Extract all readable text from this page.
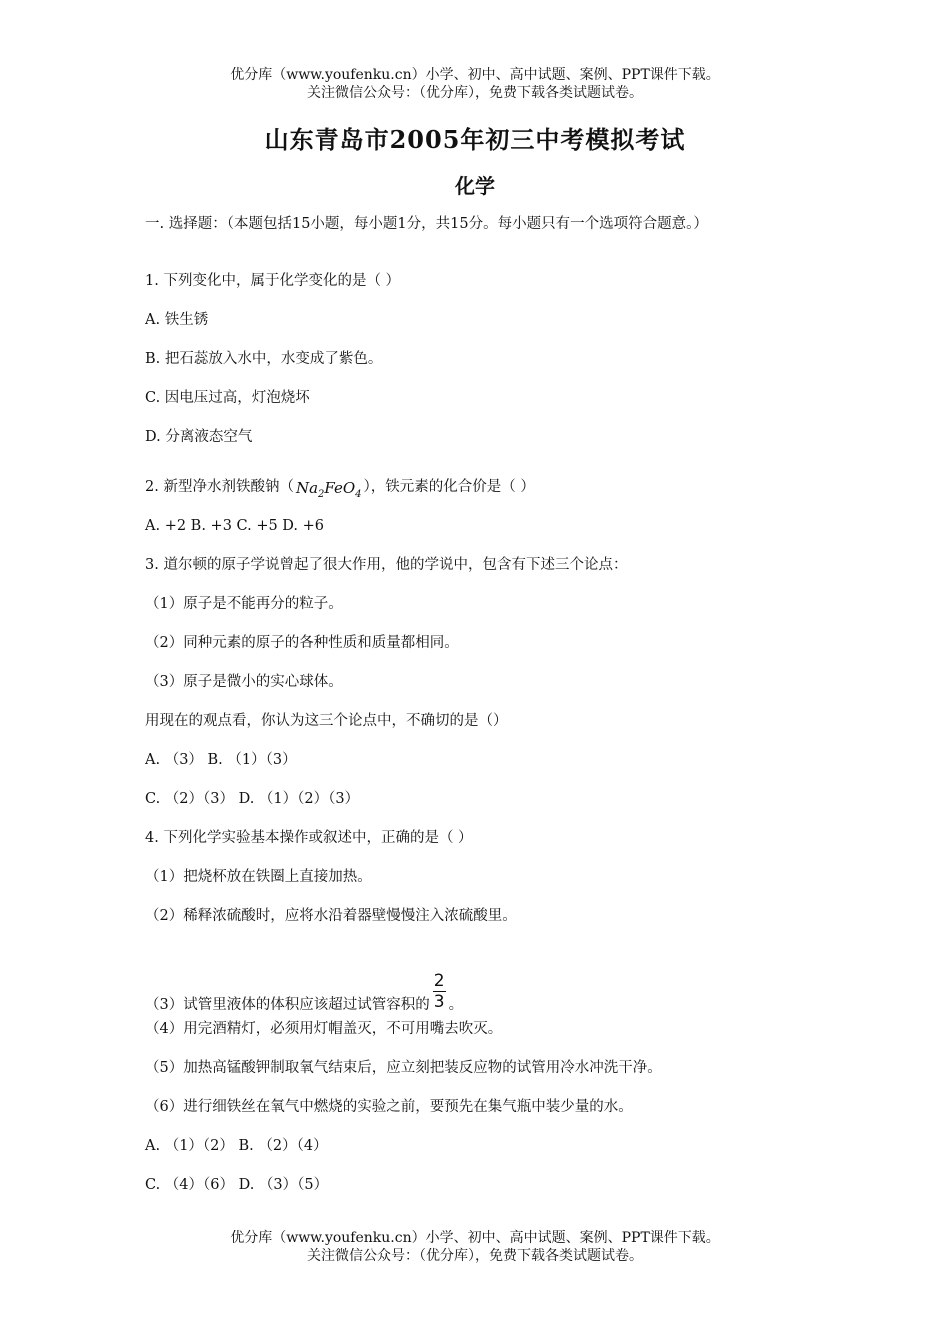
优分库（www.youfenku.cn）小学、初中、高中试题、案例、PPT课件下载。
关注微信公众号：（优分库），免费下载各类试题试卷。
山东青岛市2005年初三中考模拟考试
化学
一. 选择题：（本题包括15小题，每小题1分，共15分。每小题只有一个选项符合题意。）
1. 下列变化中，属于化学变化的是（ ）
A. 铁生锈
B. 把石蕊放入水中，水变成了紫色。
C. 因电压过高，灯泡烧坏
D. 分离液态空气
2. 新型净水剂铁酸钠（ $Na_2FeO_4$ ），铁元素的化合价是（ ）
A. +2 B. +3 C. +5 D. +6
3. 道尔顿的原子学说曾起了很大作用，他的学说中，包含有下述三个论点：
（1）原子是不能再分的粒子。
（2）同种元素的原子的各种性质和质量都相同。
（3）原子是微小的实心球体。
用现在的观点看，你认为这三个论点中，不确切的是（）
A. （3） B. （1）（3）
C. （2）（3） D. （1）（2）（3）
4. 下列化学实验基本操作或叙述中，正确的是（ ）
（1）把烧杯放在铁圈上直接加热。
（2）稀释浓硫酸时，应将水沿着器壁慢慢注入浓硫酸里。
（3）试管里液体的体积应该超过试管容积的 $\frac{2}{3}$ 。
（4）用完酒精灯，必须用灯帽盖灭，不可用嘴去吹灭。
（5）加热高锰酸钾制取氧气结束后，应立刻把装反应物的试管用冷水冲洗干净。
（6）进行细铁丝在氧气中燃烧的实验之前，要预先在集气瓶中装少量的水。
A. （1）（2） B. （2）（4）
C. （4）（6） D. （3）（5）
优分库（www.youfenku.cn）小学、初中、高中试题、案例、PPT课件下载。
关注微信公众号：（优分库），免费下载各类试题试卷。
